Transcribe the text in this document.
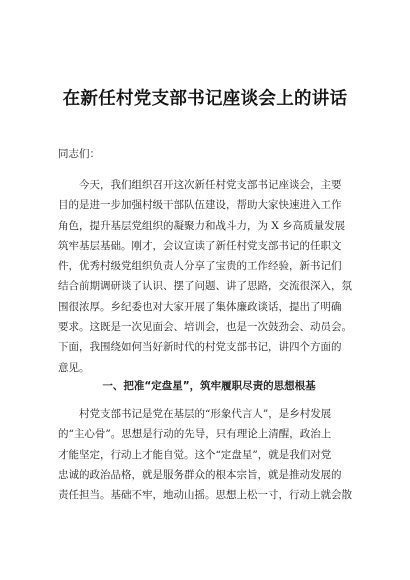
在新任村党支部书记座谈会上的讲话
同志们：
　　今天，我们组织召开这次新任村党支部书记座谈会，主要
目的是进一步加强村级干部队伍建设，帮助大家快速进入工作
角色，提升基层党组织的凝聚力和战斗力，为 X 乡高质量发展
筑牢基层基础。刚才，会议宣读了新任村党支部书记的任职文
件，优秀村级党组织负责人分享了宝贵的工作经验，新书记们
结合前期调研谈了认识、摆了问题、讲了思路，交流很深入，氛
围很浓厚。乡纪委也对大家开展了集体廉政谈话，提出了明确
要求。这既是一次见面会、培训会，也是一次鼓劲会、动员会。
下面，我围绕如何当好新时代的村党支部书记，讲四个方面的
意见。
一、把准“定盘星”，筑牢履职尽责的思想根基
　　村党支部书记是党在基层的“形象代言人”，是乡村发展
的“主心骨”。思想是行动的先导，只有理论上清醒，政治上
才能坚定，行动上才能自觉。这个“定盘星”，就是我们对党
忠诚的政治品格，就是服务群众的根本宗旨，就是推动发展的
责任担当。基础不牢，地动山摇。思想上松一寸，行动上就会散
